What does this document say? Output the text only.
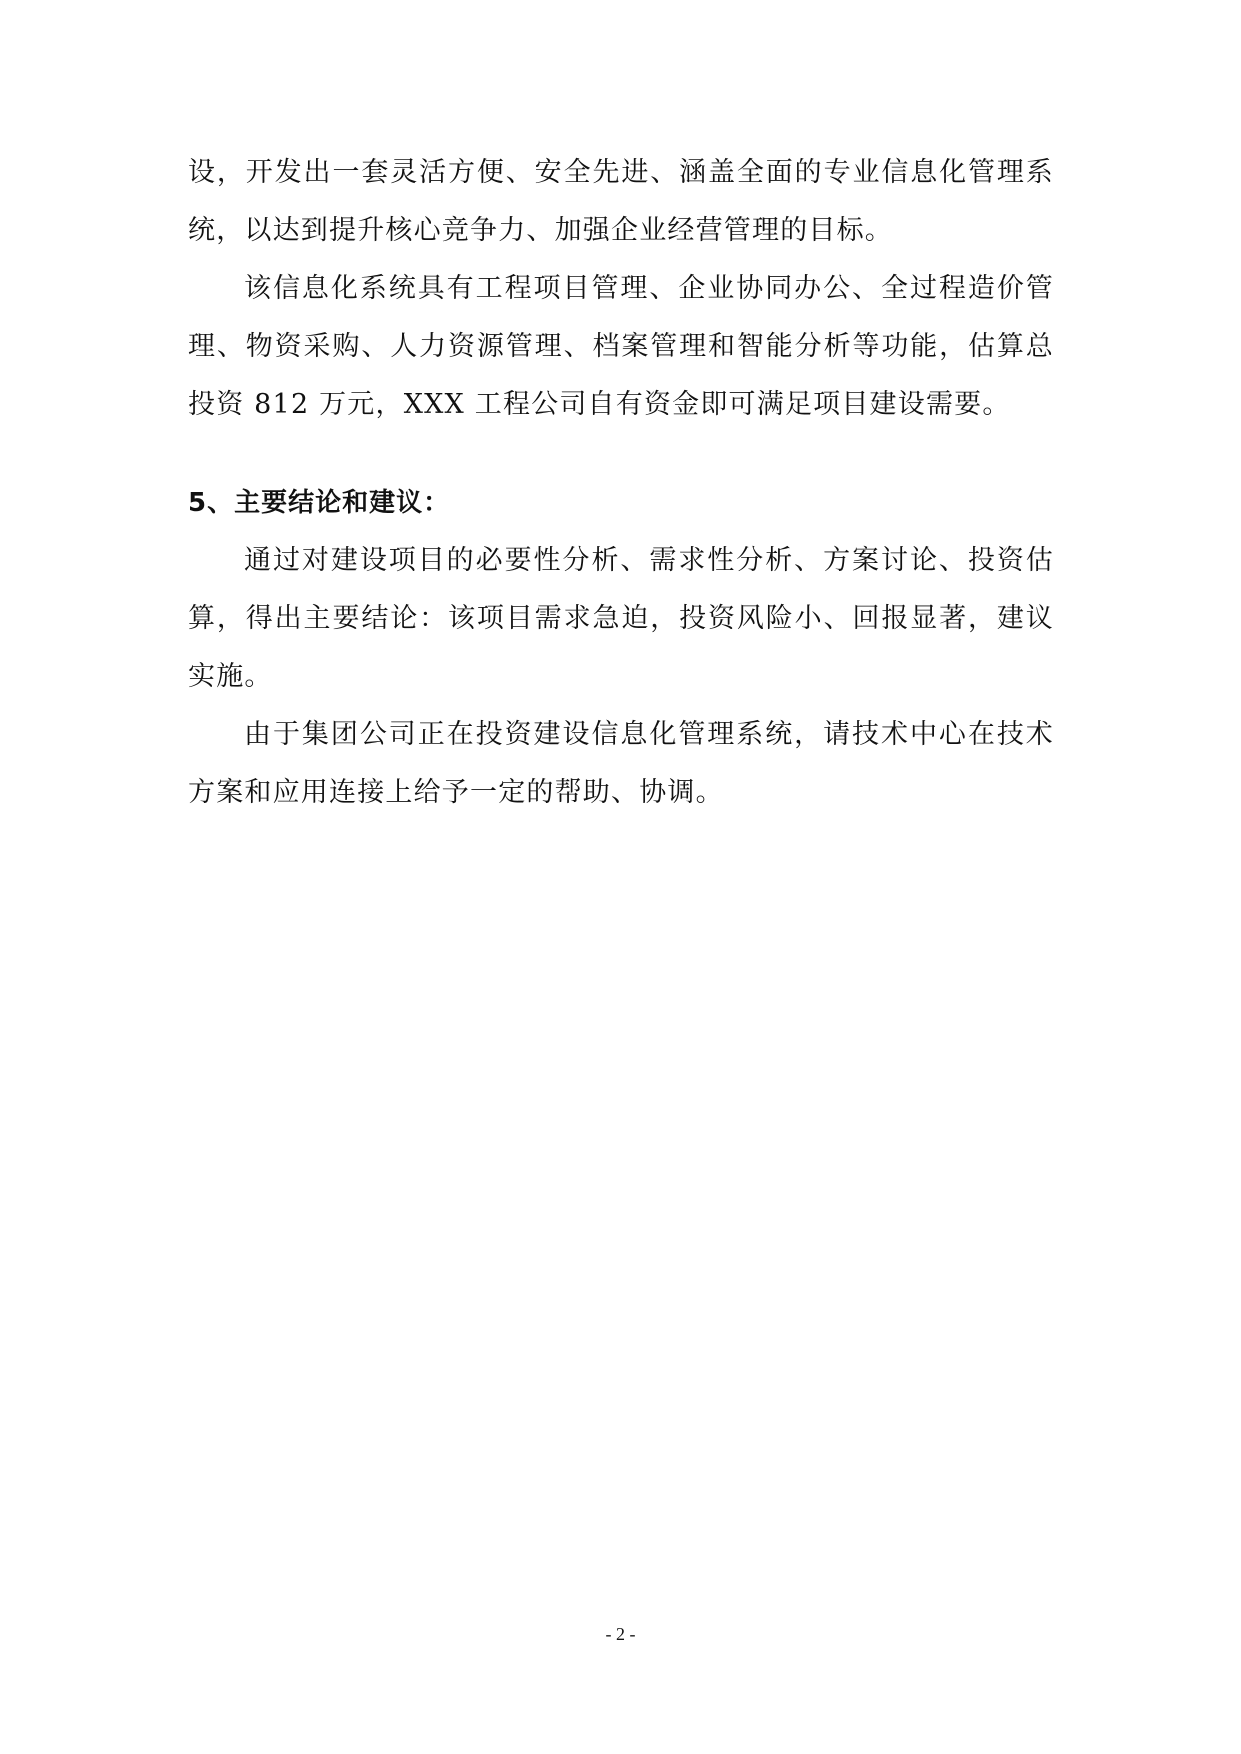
设，开发出一套灵活方便、安全先进、涵盖全面的专业信息化管理系统，以达到提升核心竞争力、加强企业经营管理的目标。

该信息化系统具有工程项目管理、企业协同办公、全过程造价管理、物资采购、人力资源管理、档案管理和智能分析等功能，估算总投资 812 万元，XXX 工程公司自有资金即可满足项目建设需要。

5、主要结论和建议：

通过对建设项目的必要性分析、需求性分析、方案讨论、投资估算，得出主要结论：该项目需求急迫，投资风险小、回报显著，建议实施。

由于集团公司正在投资建设信息化管理系统，请技术中心在技术方案和应用连接上给予一定的帮助、协调。

- 2 -
